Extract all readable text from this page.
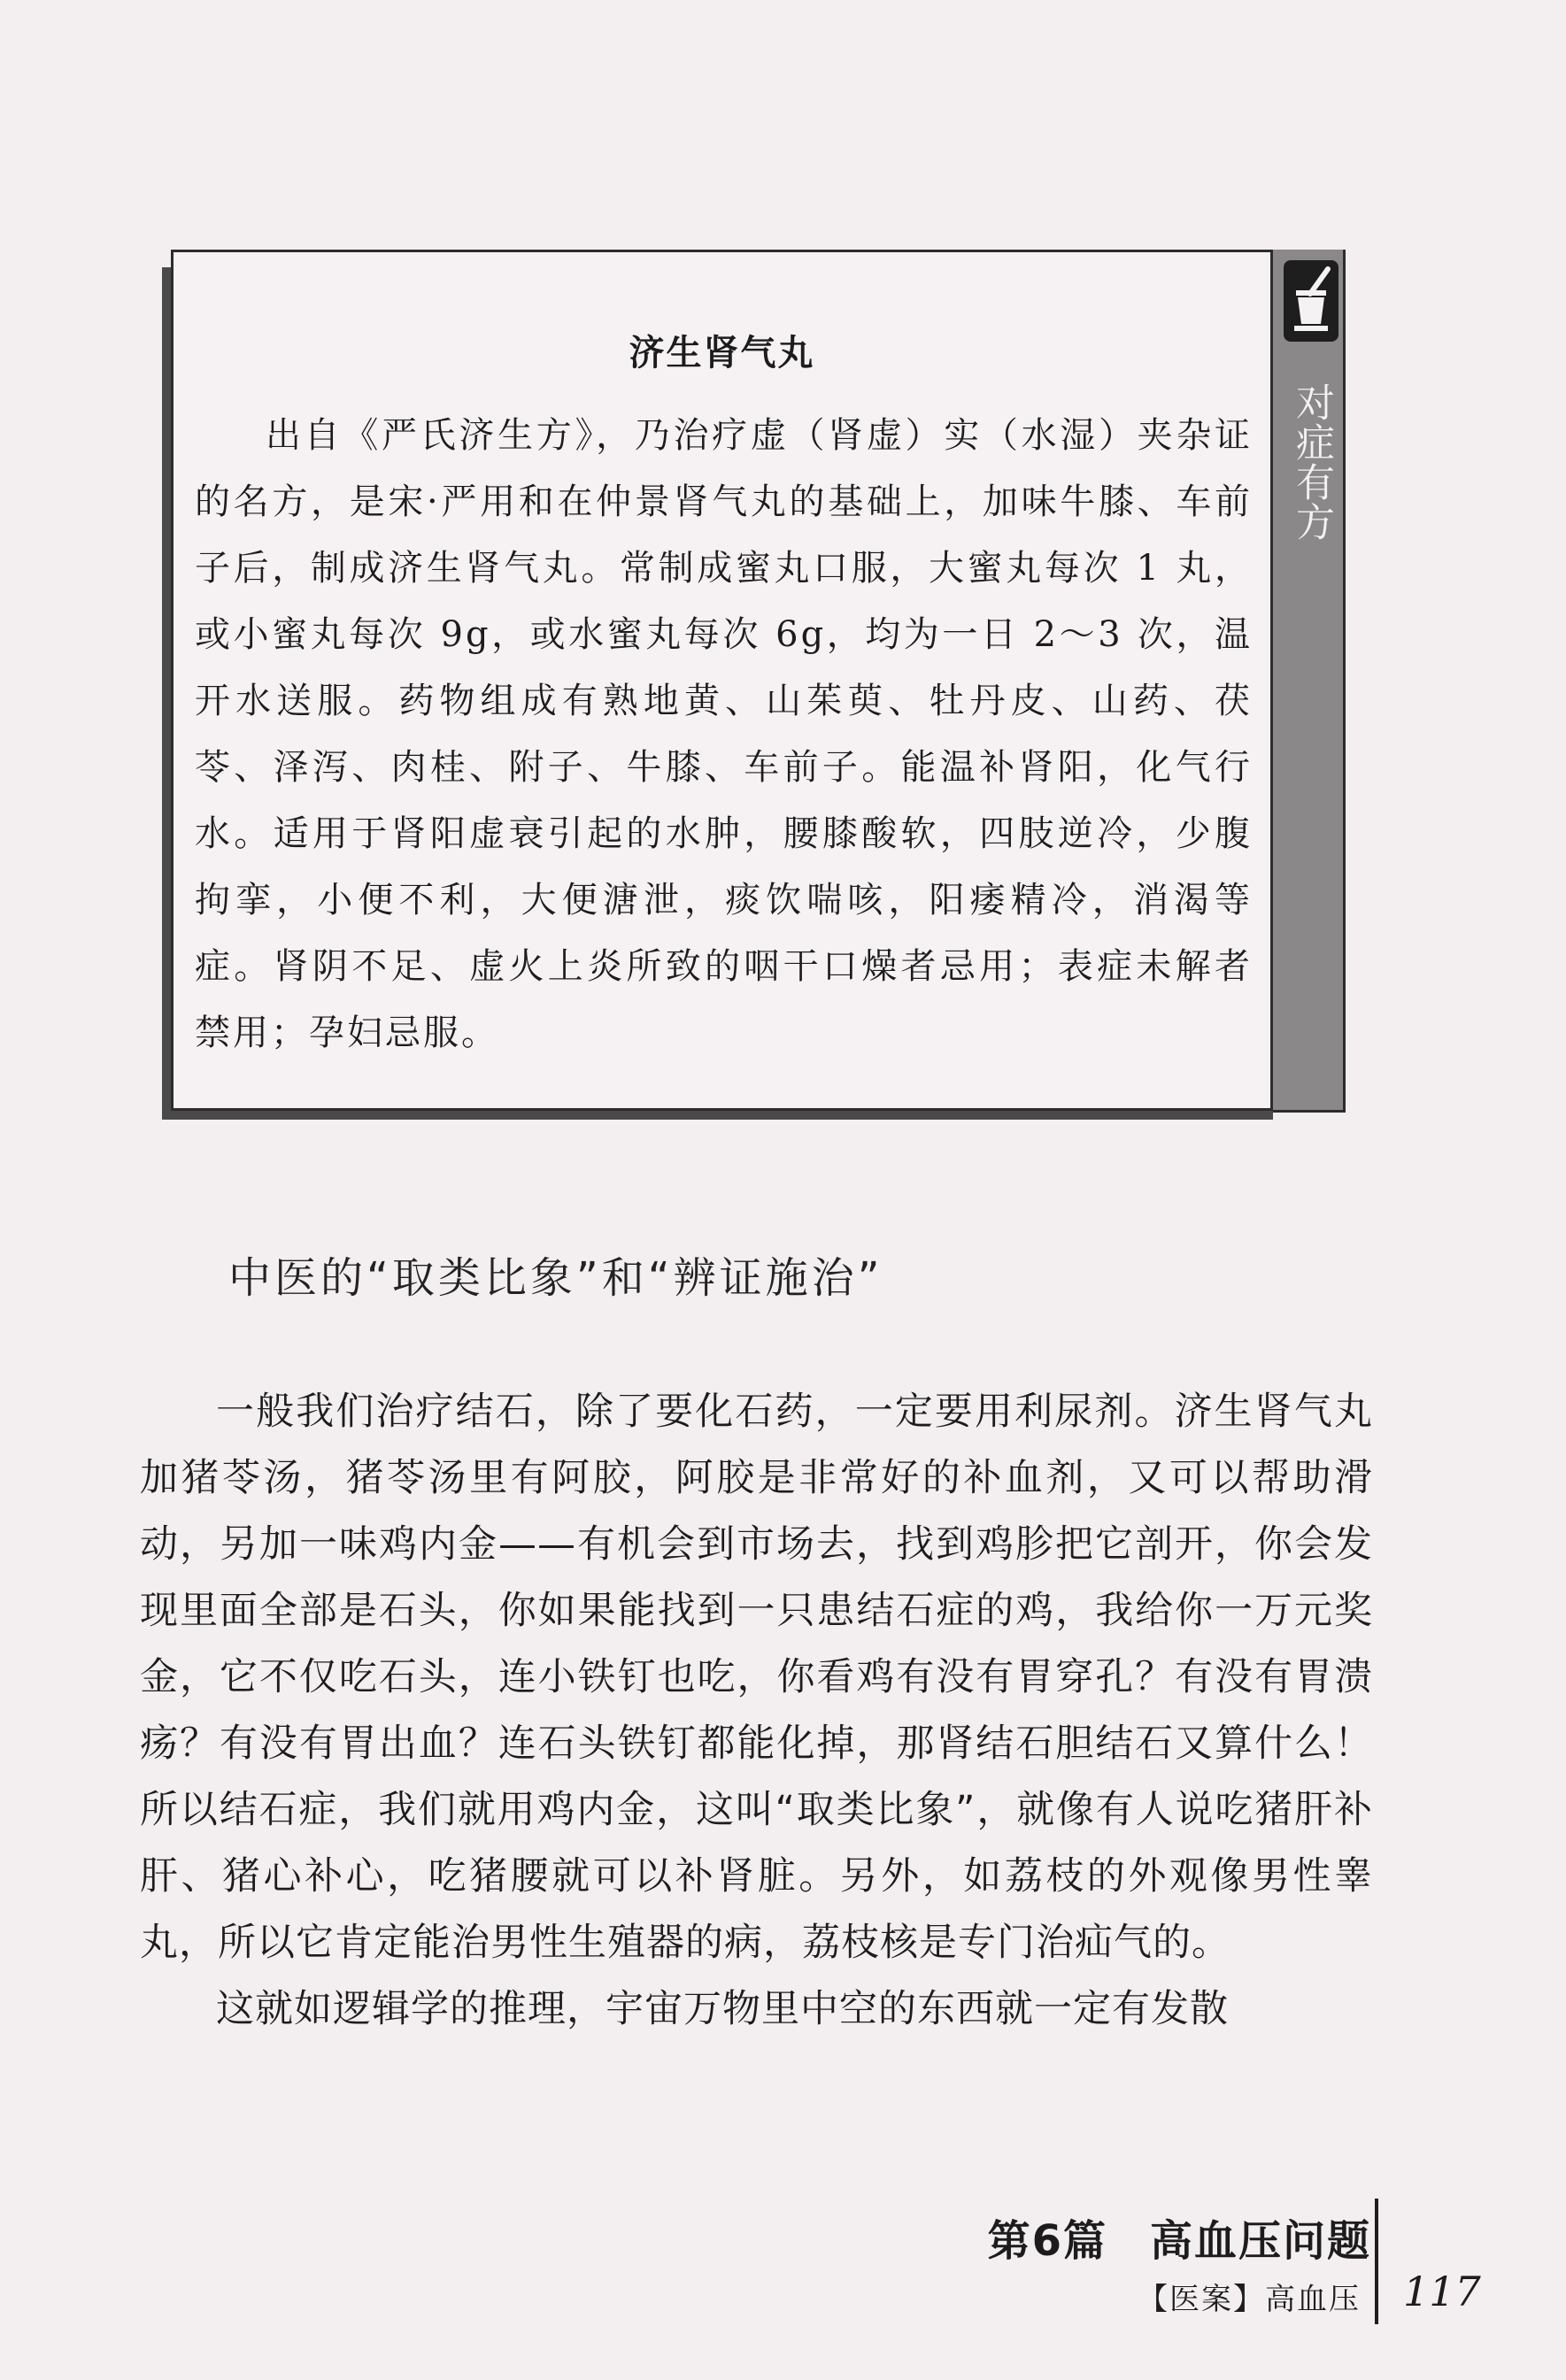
济生肾气丸

出自《严氏济生方》，乃治疗虚（肾虚）实（水湿）夹杂证的名方，是宋·严用和在仲景肾气丸的基础上，加味牛膝、车前子后，制成济生肾气丸。常制成蜜丸口服，大蜜丸每次 1 丸，或小蜜丸每次 9g，或水蜜丸每次 6g，均为一日 2～3 次，温开水送服。药物组成有熟地黄、山茱萸、牡丹皮、山药、茯苓、泽泻、肉桂、附子、牛膝、车前子。能温补肾阳，化气行水。适用于肾阳虚衰引起的水肿，腰膝酸软，四肢逆冷，少腹拘挛，小便不利，大便溏泄，痰饮喘咳，阳痿精冷，消渴等症。肾阴不足、虚火上炎所致的咽干口燥者忌用；表症未解者禁用；孕妇忌服。

对症有方
中医的“取类比象”和“辨证施治”

一般我们治疗结石，除了要化石药，一定要用利尿剂。济生肾气丸加猪苓汤，猪苓汤里有阿胶，阿胶是非常好的补血剂，又可以帮助滑动，另加一味鸡内金——有机会到市场去，找到鸡胗把它剖开，你会发现里面全部是石头，你如果能找到一只患结石症的鸡，我给你一万元奖金，它不仅吃石头，连小铁钉也吃，你看鸡有没有胃穿孔？有没有胃溃疡？有没有胃出血？连石头铁钉都能化掉，那肾结石胆结石又算什么！所以结石症，我们就用鸡内金，这叫“取类比象”，就像有人说吃猪肝补肝、猪心补心，吃猪腰就可以补肾脏。另外，如荔枝的外观像男性睾丸，所以它肯定能治男性生殖器的病，荔枝核是专门治疝气的。

这就如逻辑学的推理，宇宙万物里中空的东西就一定有发散

第6篇 高血压问题
【医案】高血压 117
